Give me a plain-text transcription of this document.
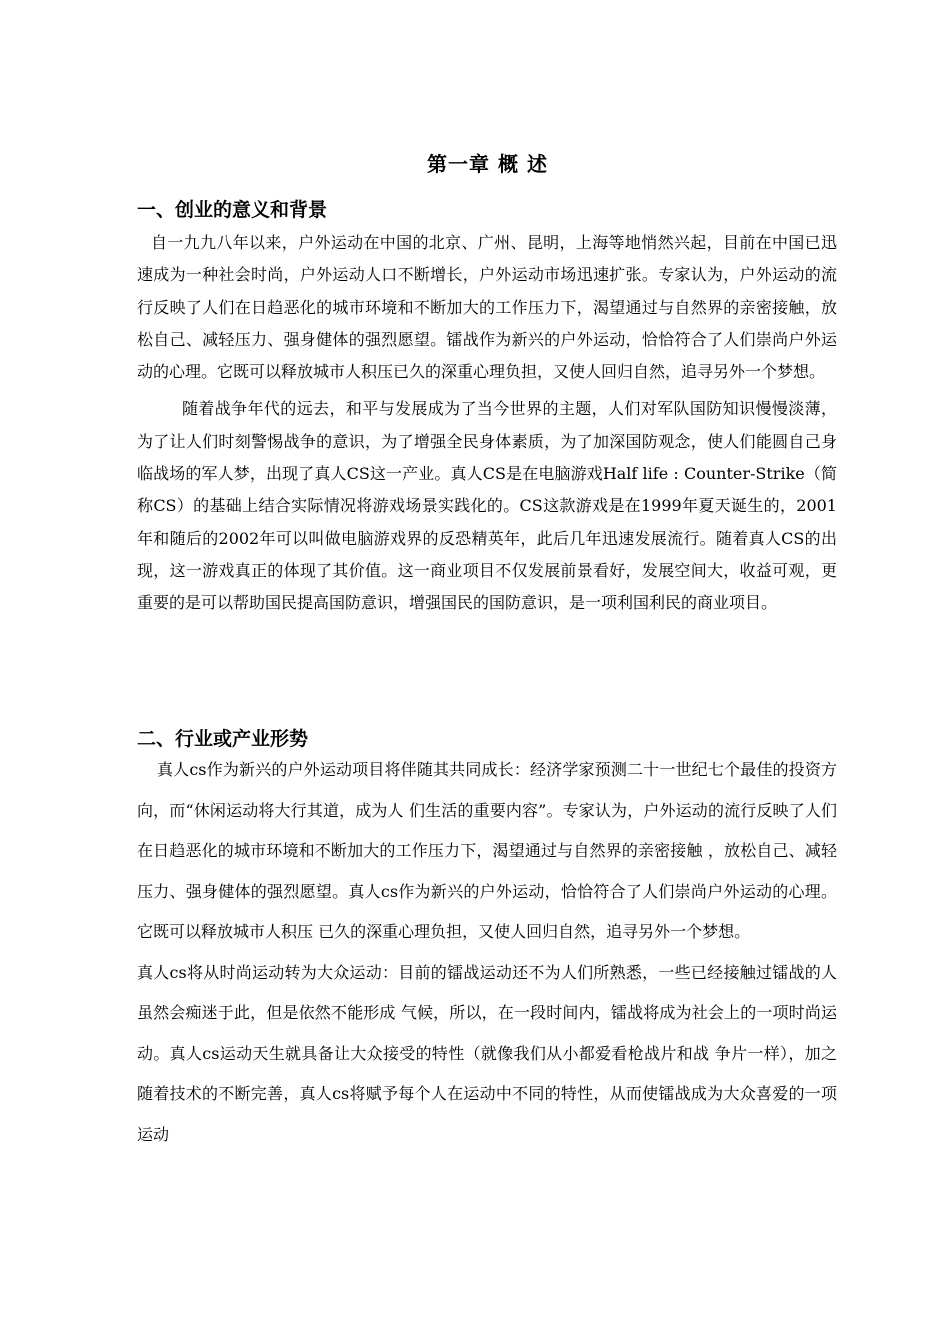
第一章 概 述
一、创业的意义和背景

自一九九八年以来，户外运动在中国的北京、广州、昆明，上海等地悄然兴起，目前在中国已迅速成为一种社会时尚，户外运动人口不断增长，户外运动市场迅速扩张。专家认为，户外运动的流行反映了人们在日趋恶化的城市环境和不断加大的工作压力下，渴望通过与自然界的亲密接触，放松自己、减轻压力、强身健体的强烈愿望。镭战作为新兴的户外运动，恰恰符合了人们崇尚户外运动的心理。它既可以释放城市人积压已久的深重心理负担，又使人回归自然，追寻另外一个梦想。

随着战争年代的远去，和平与发展成为了当今世界的主题，人们对军队国防知识慢慢淡薄，为了让人们时刻警惕战争的意识，为了增强全民身体素质，为了加深国防观念，使人们能圆自己身临战场的军人梦，出现了真人CS这一产业。真人CS是在电脑游戏Half life : Counter-Strike（简称CS）的基础上结合实际情况将游戏场景实践化的。CS这款游戏是在1999年夏天诞生的，2001年和随后的2002年可以叫做电脑游戏界的反恐精英年，此后几年迅速发展流行。随着真人CS的出现，这一游戏真正的体现了其价值。这一商业项目不仅发展前景看好，发展空间大，收益可观，更重要的是可以帮助国民提高国防意识，增强国民的国防意识，是一项利国利民的商业项目。

二、行业或产业形势

真人cs作为新兴的户外运动项目将伴随其共同成长：经济学家预测二十一世纪七个最佳的投资方向，而“休闲运动将大行其道，成为人 们生活的重要内容”。专家认为，户外运动的流行反映了人们在日趋恶化的城市环境和不断加大的工作压力下，渴望通过与自然界的亲密接触 ，放松自己、减轻压力、强身健体的强烈愿望。真人cs作为新兴的户外运动，恰恰符合了人们崇尚户外运动的心理。它既可以释放城市人积压 已久的深重心理负担，又使人回归自然，追寻另外一个梦想。

真人cs将从时尚运动转为大众运动：目前的镭战运动还不为人们所熟悉，一些已经接触过镭战的人虽然会痴迷于此，但是依然不能形成 气候，所以，在一段时间内，镭战将成为社会上的一项时尚运动。真人cs运动天生就具备让大众接受的特性（就像我们从小都爱看枪战片和战 争片一样），加之随着技术的不断完善，真人cs将赋予每个人在运动中不同的特性，从而使镭战成为大众喜爱的一项运动
